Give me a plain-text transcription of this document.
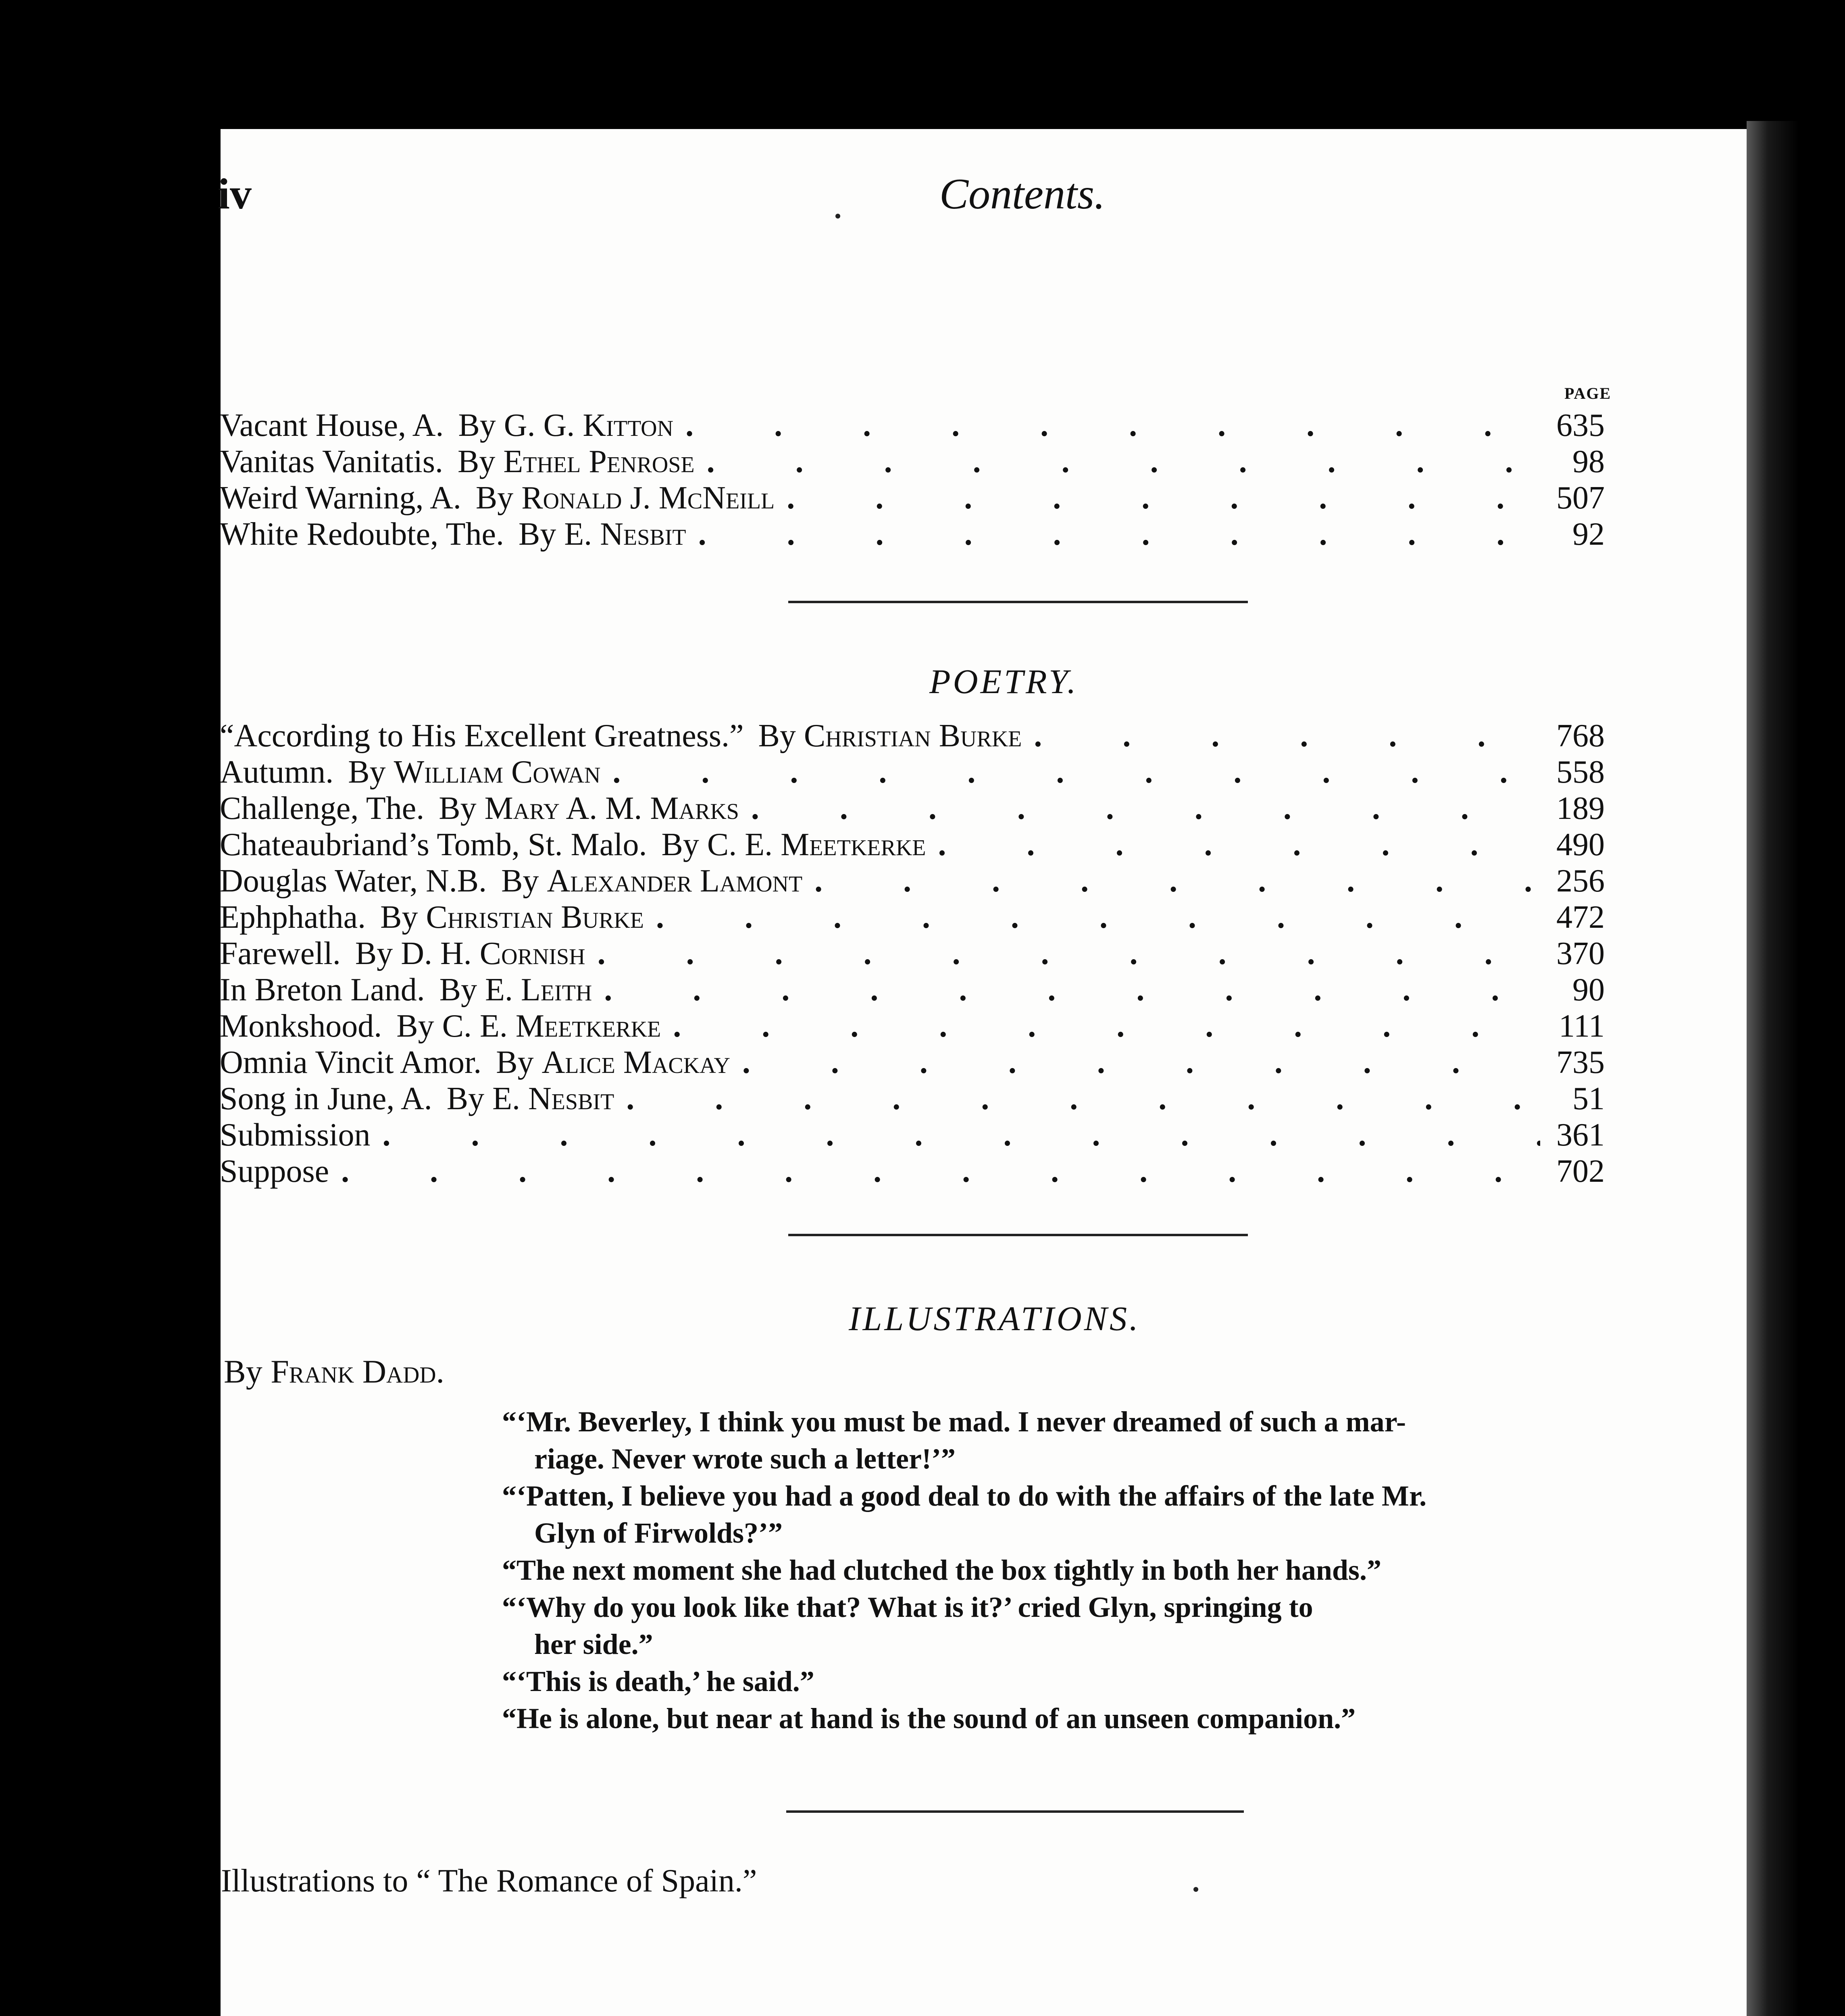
iv	Contents.
PAGE
Vacant House, A. By G. G. Kitton .	635
Vanitas Vanitatis. By Ethel Penrose .	98
Weird Warning, A. By Ronald J. McNeill .	507
White Redoubte, The. By E. Nesbit .	92
POETRY.
“According to His Excellent Greatness.” By Christian Burke .	768
Autumn. By William Cowan .	558
Challenge, The. By Mary A. M. Marks .	189
Chateaubriand’s Tomb, St. Malo. By C. E. Meetkerke .	490
Douglas Water, N.B. By Alexander Lamont .	256
Ephphatha. By Christian Burke .	472
Farewell. By D. H. Cornish .	370
In Breton Land. By E. Leith .	90
Monkshood. By C. E. Meetkerke .	111
Omnia Vincit Amor. By Alice Mackay .	735
Song in June, A. By E. Nesbit .	51
Submission .	361
Suppose .	702
ILLUSTRATIONS.
By Frank Dadd.

“‘Mr. Beverley, I think you must be mad. I never dreamed of such a mar-
riage. Never wrote such a letter!’”

“‘Patten, I believe you had a good deal to do with the affairs of the late Mr.
Glyn of Firwolds?’”

“The next moment she had clutched the box tightly in both her hands.”

“‘Why do you look like that? What is it?’ cried Glyn, springing to
her side.”

“‘This is death,’ he said.”

“He is alone, but near at hand is the sound of an unseen companion.”

Illustrations to “ The Romance of Spain.”
